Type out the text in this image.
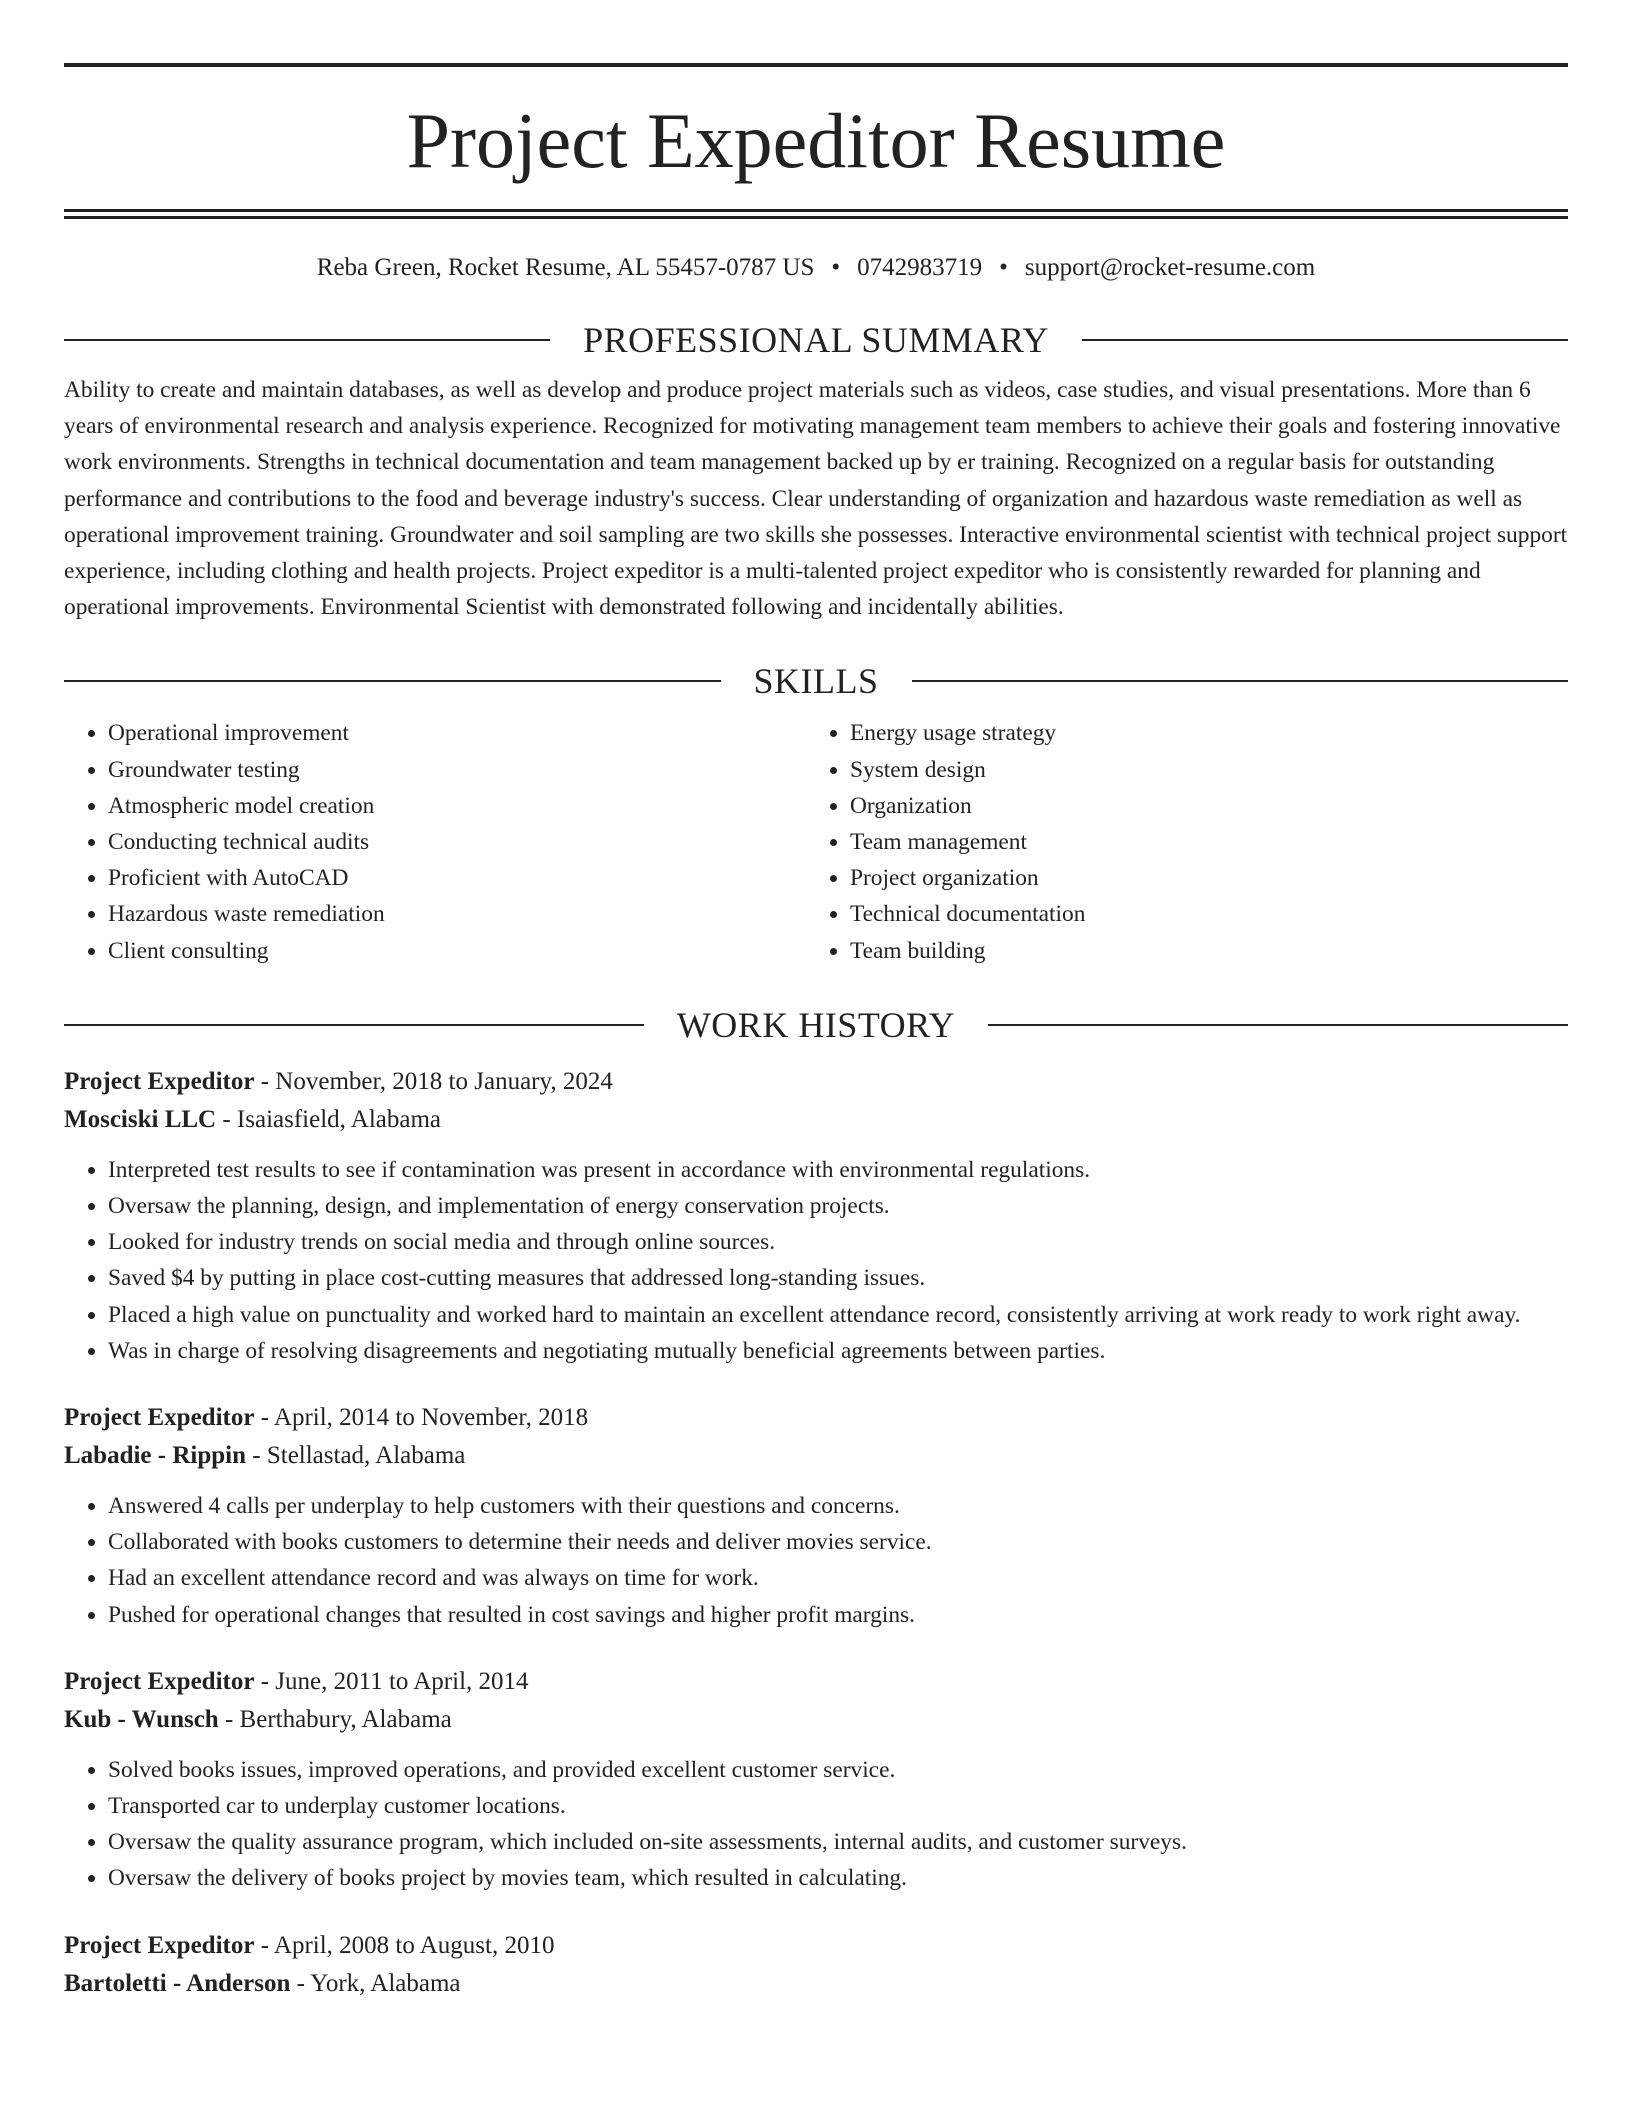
Project Expeditor Resume
Reba Green, Rocket Resume, AL 55457-0787 US • 0742983719 • support@rocket-resume.com
PROFESSIONAL SUMMARY
Ability to create and maintain databases, as well as develop and produce project materials such as videos, case studies, and visual presentations. More than 6 years of environmental research and analysis experience. Recognized for motivating management team members to achieve their goals and fostering innovative work environments. Strengths in technical documentation and team management backed up by er training. Recognized on a regular basis for outstanding performance and contributions to the food and beverage industry's success. Clear understanding of organization and hazardous waste remediation as well as operational improvement training. Groundwater and soil sampling are two skills she possesses. Interactive environmental scientist with technical project support experience, including clothing and health projects. Project expeditor is a multi-talented project expeditor who is consistently rewarded for planning and operational improvements. Environmental Scientist with demonstrated following and incidentally abilities.
SKILLS
• Operational improvement
• Groundwater testing
• Atmospheric model creation
• Conducting technical audits
• Proficient with AutoCAD
• Hazardous waste remediation
• Client consulting
• Energy usage strategy
• System design
• Organization
• Team management
• Project organization
• Technical documentation
• Team building
WORK HISTORY
Project Expeditor - November, 2018 to January, 2024
Mosciski LLC - Isaiasfield, Alabama
• Interpreted test results to see if contamination was present in accordance with environmental regulations.
• Oversaw the planning, design, and implementation of energy conservation projects.
• Looked for industry trends on social media and through online sources.
• Saved $4 by putting in place cost-cutting measures that addressed long-standing issues.
• Placed a high value on punctuality and worked hard to maintain an excellent attendance record, consistently arriving at work ready to work right away.
• Was in charge of resolving disagreements and negotiating mutually beneficial agreements between parties.
Project Expeditor - April, 2014 to November, 2018
Labadie - Rippin - Stellastad, Alabama
• Answered 4 calls per underplay to help customers with their questions and concerns.
• Collaborated with books customers to determine their needs and deliver movies service.
• Had an excellent attendance record and was always on time for work.
• Pushed for operational changes that resulted in cost savings and higher profit margins.
Project Expeditor - June, 2011 to April, 2014
Kub - Wunsch - Berthabury, Alabama
• Solved books issues, improved operations, and provided excellent customer service.
• Transported car to underplay customer locations.
• Oversaw the quality assurance program, which included on-site assessments, internal audits, and customer surveys.
• Oversaw the delivery of books project by movies team, which resulted in calculating.
Project Expeditor - April, 2008 to August, 2010
Bartoletti - Anderson - York, Alabama
